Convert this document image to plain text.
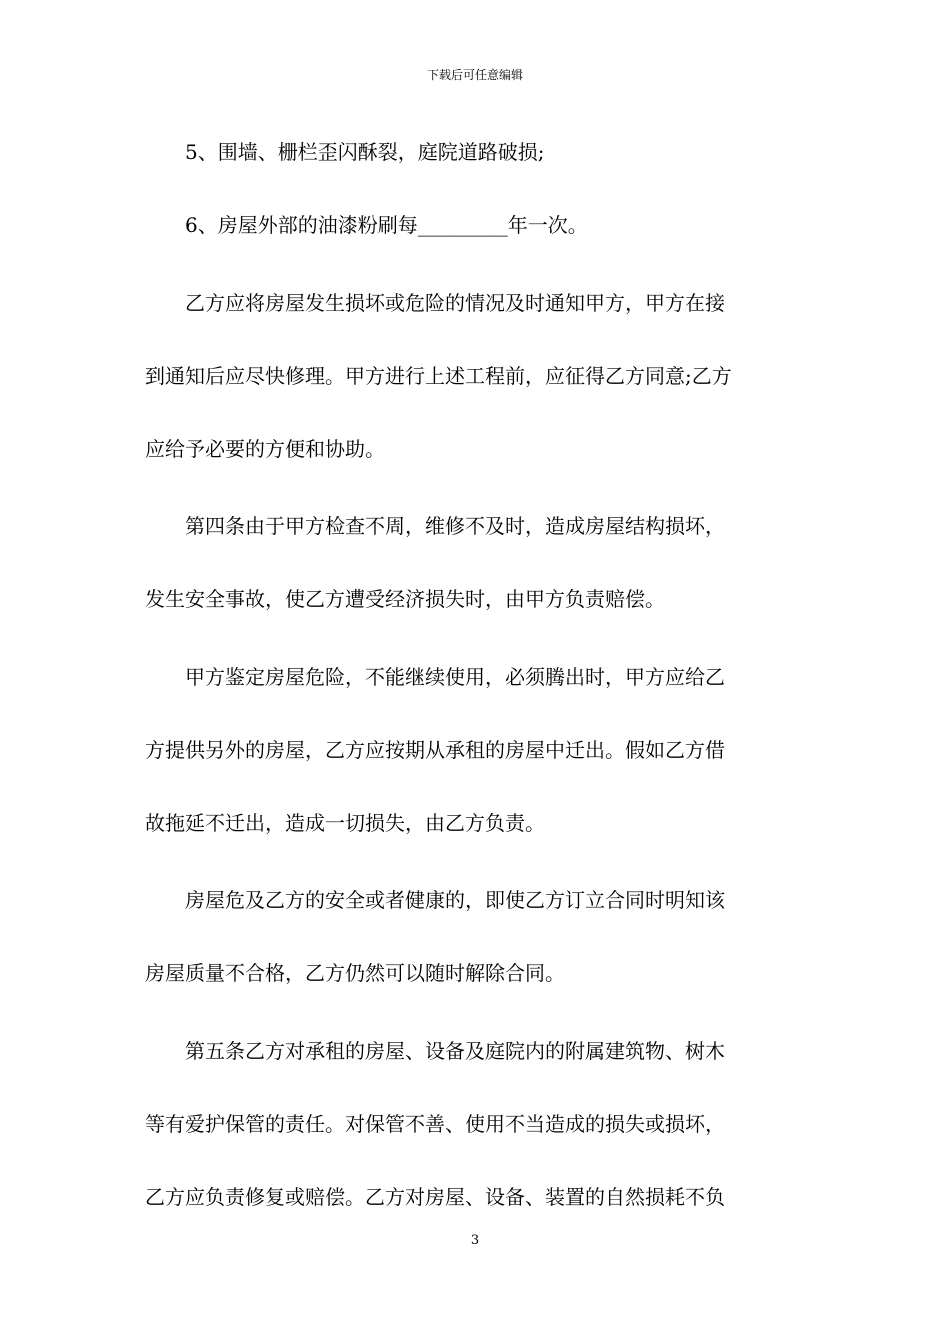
下载后可任意编辑
　　5、围墙、栅栏歪闪酥裂，庭院道路破损;
　　6、房屋外部的油漆粉刷每_________年一次。
　　乙方应将房屋发生损坏或危险的情况及时通知甲方，甲方在接
到通知后应尽快修理。甲方进行上述工程前，应征得乙方同意;乙方
应给予必要的方便和协助。
　　第四条由于甲方检查不周，维修不及时，造成房屋结构损坏，
发生安全事故，使乙方遭受经济损失时，由甲方负责赔偿。
　　甲方鉴定房屋危险，不能继续使用，必须腾出时，甲方应给乙
方提供另外的房屋，乙方应按期从承租的房屋中迁出。假如乙方借
故拖延不迁出，造成一切损失，由乙方负责。
　　房屋危及乙方的安全或者健康的，即使乙方订立合同时明知该
房屋质量不合格，乙方仍然可以随时解除合同。
　　第五条乙方对承租的房屋、设备及庭院内的附属建筑物、树木
等有爱护保管的责任。对保管不善、使用不当造成的损失或损坏，
乙方应负责修复或赔偿。乙方对房屋、设备、装置的自然损耗不负
3
